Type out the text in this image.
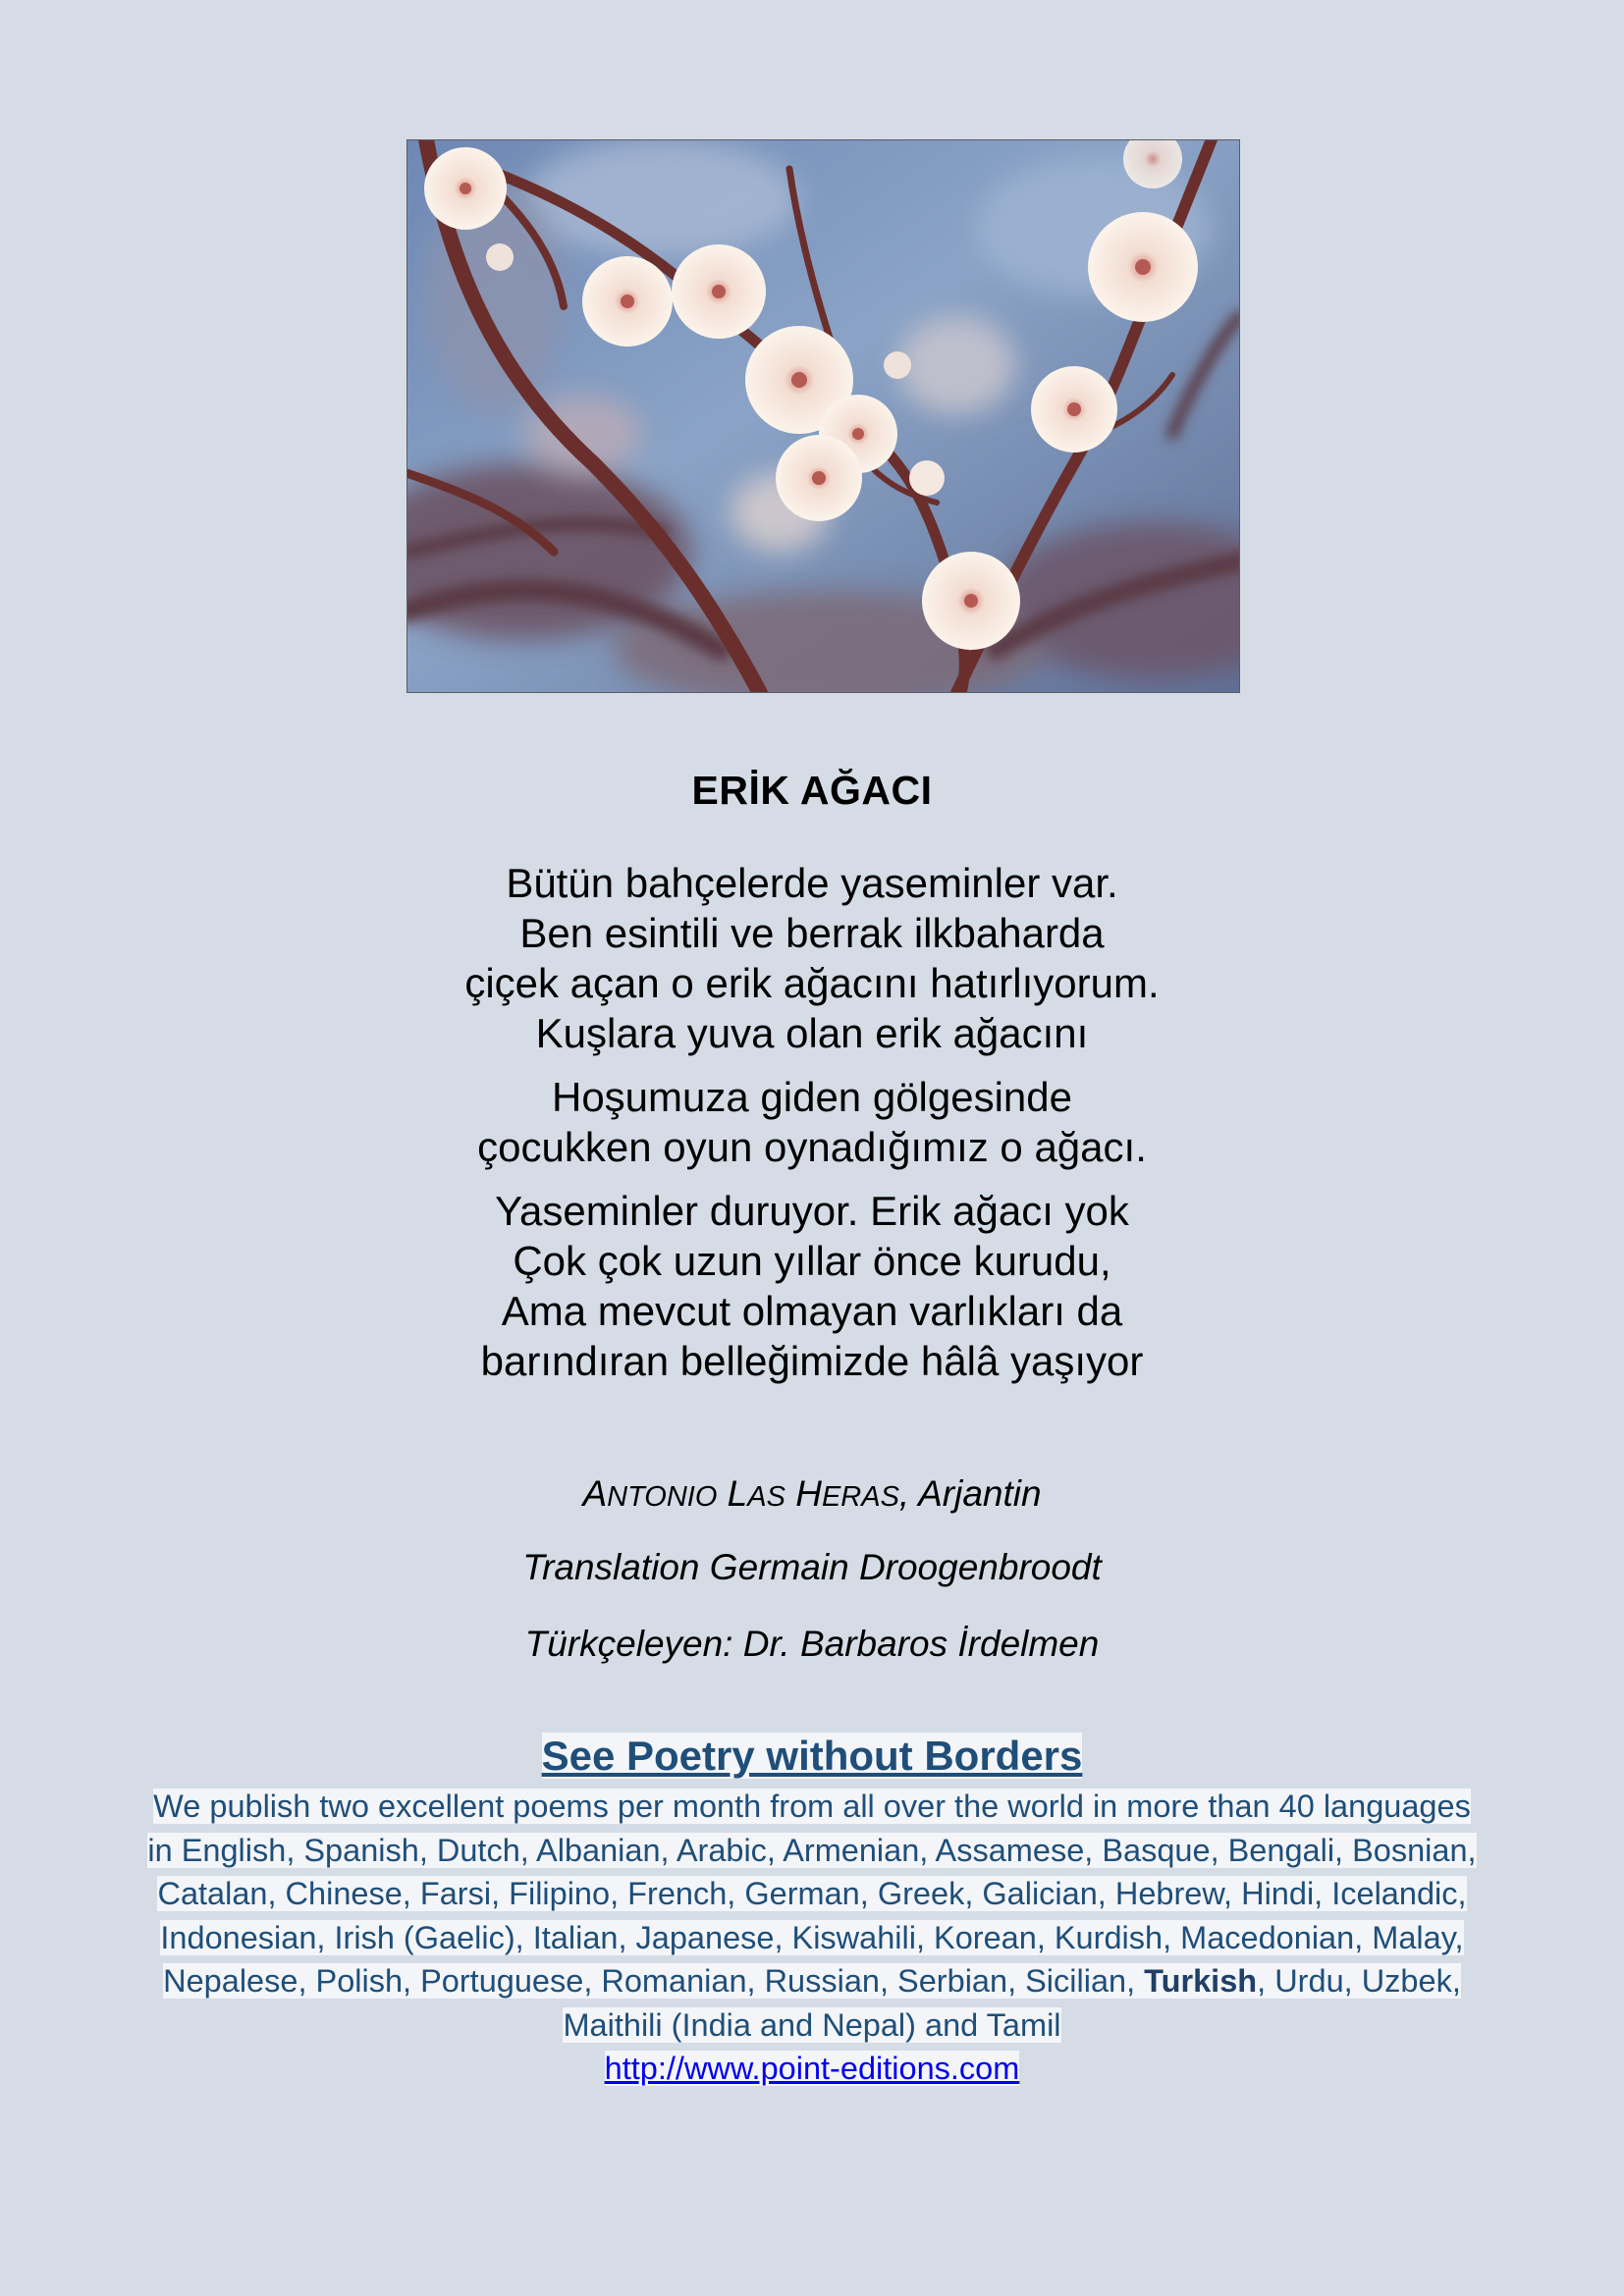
ERİK AĞACI
Bütün bahçelerde yaseminler var.
Ben esintili ve berrak ilkbaharda
çiçek açan o erik ağacını hatırlıyorum.
Kuşlara yuva olan erik ağacını
Hoşumuza giden gölgesinde
çocukken oyun oynadığımız o ağacı.
Yaseminler duruyor. Erik ağacı yok
Çok çok uzun yıllar önce kurudu,
Ama mevcut olmayan varlıkları da
barındıran belleğimizde hâlâ yaşıyor
ANTONIO LAS HERAS, Arjantin
Translation Germain Droogenbroodt
Türkçeleyen: Dr. Barbaros İrdelmen
See Poetry without Borders
We publish two excellent poems per month from all over the world in more than 40 languages
in English, Spanish, Dutch, Albanian, Arabic, Armenian, Assamese, Basque, Bengali, Bosnian,
Catalan, Chinese, Farsi, Filipino, French, German, Greek, Galician, Hebrew, Hindi, Icelandic,
Indonesian, Irish (Gaelic), Italian, Japanese, Kiswahili, Korean, Kurdish, Macedonian, Malay,
Nepalese, Polish, Portuguese, Romanian, Russian, Serbian, Sicilian, Turkish, Urdu, Uzbek,
Maithili (India and Nepal) and Tamil
http://www.point-editions.com
